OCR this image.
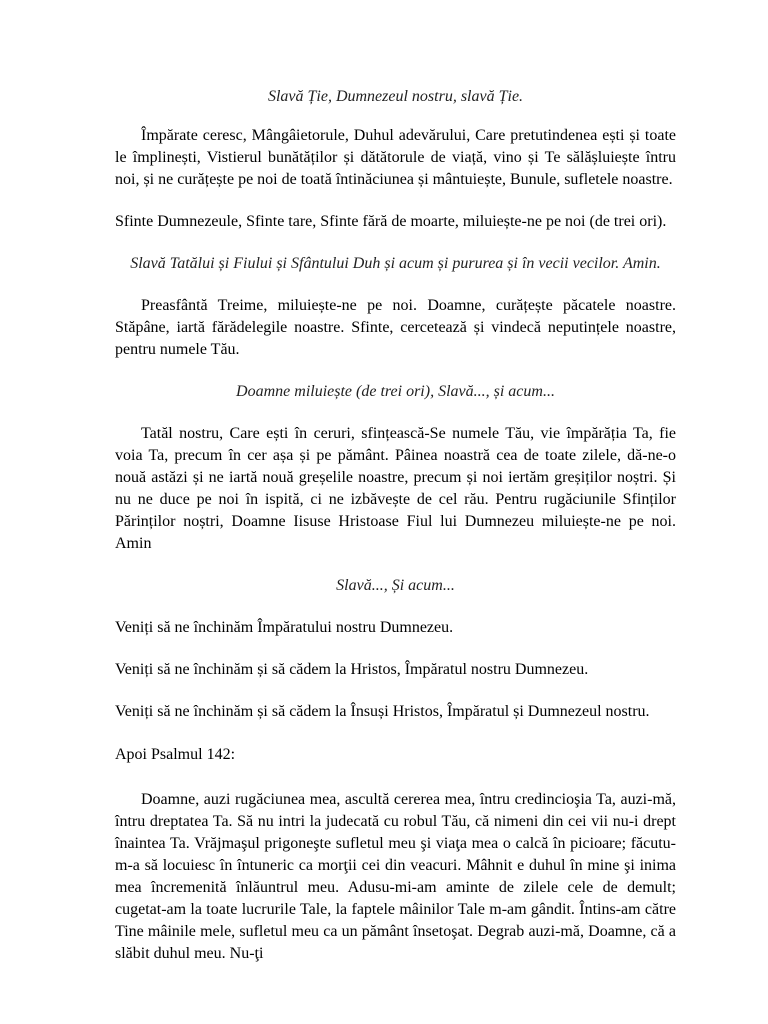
Slavă Ție, Dumnezeul nostru, slavă Ție.

Împărate ceresc, Mângâietorule, Duhul adevărului, Care pretutindenea ești și toate le împlinești, Vistierul bunătăților și dătătorule de viață, vino și Te sălășluiește întru noi, și ne curățește pe noi de toată întinăciunea și mântuiește, Bunule, sufletele noastre.

Sfinte Dumnezeule, Sfinte tare, Sfinte fără de moarte, miluiește-ne pe noi (de trei ori).

Slavă Tatălui și Fiului și Sfântului Duh și acum și pururea și în vecii vecilor. Amin.

Preasfântă Treime, miluiește-ne pe noi. Doamne, curățește păcatele noastre. Stăpâne, iartă fărădelegile noastre. Sfinte, cercetează și vindecă neputințele noastre, pentru numele Tău.

Doamne miluiește (de trei ori), Slavă..., și acum...

Tatăl nostru, Care ești în ceruri, sfințească-Se numele Tău, vie împărăția Ta, fie voia Ta, precum în cer așa și pe pământ. Pâinea noastră cea de toate zilele, dă-ne-o nouă astăzi și ne iartă nouă greșelile noastre, precum și noi iertăm greșiților noștri. Și nu ne duce pe noi în ispită, ci ne izbăvește de cel rău. Pentru rugăciunile Sfinților Părinților noștri, Doamne Iisuse Hristoase Fiul lui Dumnezeu miluiește-ne pe noi. Amin

Slavă..., Și acum...

Veniți să ne închinăm Împăratului nostru Dumnezeu.

Veniți să ne închinăm și să cădem la Hristos, Împăratul nostru Dumnezeu.

Veniți să ne închinăm și să cădem la Însuși Hristos, Împăratul și Dumnezeul nostru.

Apoi Psalmul 142:

Doamne, auzi rugăciunea mea, ascultă cererea mea, întru credincioşia Ta, auzi-mă, întru dreptatea Ta. Să nu intri la judecată cu robul Tău, că nimeni din cei vii nu-i drept înaintea Ta. Vrăjmaşul prigoneşte sufletul meu şi viaţa mea o calcă în picioare; făcutu-m-a să locuiesc în întuneric ca morţii cei din veacuri. Mâhnit e duhul în mine şi inima mea încremenită înlăuntrul meu. Adusu-mi-am aminte de zilele cele de demult; cugetat-am la toate lucrurile Tale, la faptele mâinilor Tale m-am gândit. Întins-am către Tine mâinile mele, sufletul meu ca un pământ însetoşat. Degrab auzi-mă, Doamne, că a slăbit duhul meu. Nu-ţi
